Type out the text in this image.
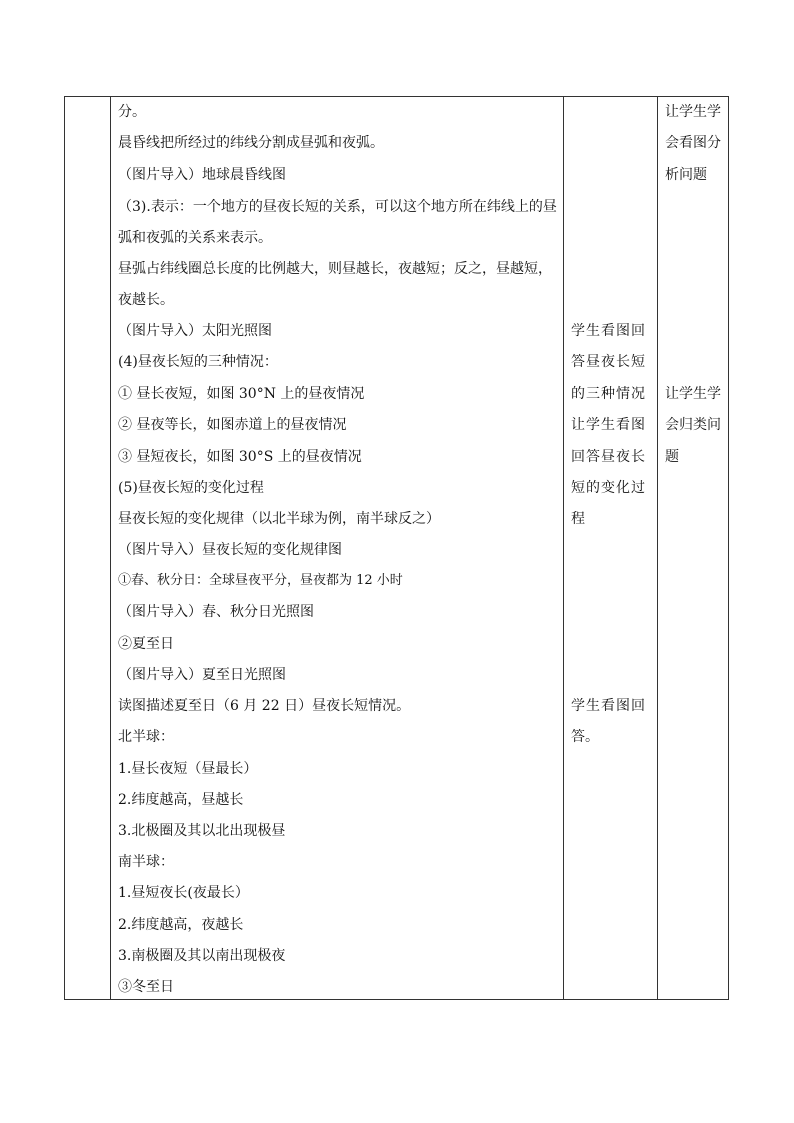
分。
晨昏线把所经过的纬线分割成昼弧和夜弧。
（图片导入）地球晨昏线图
（3).表示：一个地方的昼夜长短的关系，可以这个地方所在纬线上的昼
弧和夜弧的关系来表示。
昼弧占纬线圈总长度的比例越大，则昼越长，夜越短；反之，昼越短，
夜越长。
（图片导入）太阳光照图
(4)昼夜长短的三种情况：
① 昼长夜短，如图 30°N 上的昼夜情况
② 昼夜等长，如图赤道上的昼夜情况
③ 昼短夜长，如图 30°S 上的昼夜情况
(5)昼夜长短的变化过程
昼夜长短的变化规律（以北半球为例，南半球反之）
（图片导入）昼夜长短的变化规律图
①春、秋分日：全球昼夜平分，昼夜都为 12 小时
（图片导入）春、秋分日光照图
②夏至日
（图片导入）夏至日光照图
读图描述夏至日（6 月 22 日）昼夜长短情况。
北半球：
1.昼长夜短（昼最长）
2.纬度越高，昼越长
3.北极圈及其以北出现极昼
南半球：
1.昼短夜长(夜最长）
2.纬度越高，夜越长
3.南极圈及其以南出现极夜
③冬至日
学生看图回
答昼夜长短
的三种情况
让学生看图
回答昼夜长
短的变化过
程
学生看图回
答。
让学生学
会看图分
析问题
让学生学
会归类问
题
